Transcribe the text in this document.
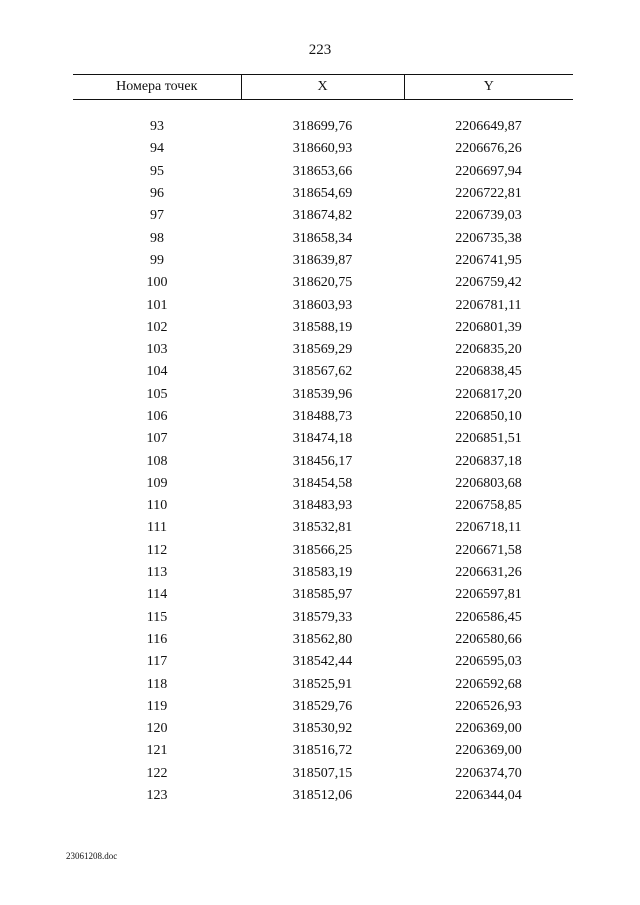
223
Номера точек	X	Y

93	318699,76	2206649,87
94	318660,93	2206676,26
95	318653,66	2206697,94
96	318654,69	2206722,81
97	318674,82	2206739,03
98	318658,34	2206735,38
99	318639,87	2206741,95
100	318620,75	2206759,42
101	318603,93	2206781,11
102	318588,19	2206801,39
103	318569,29	2206835,20
104	318567,62	2206838,45
105	318539,96	2206817,20
106	318488,73	2206850,10
107	318474,18	2206851,51
108	318456,17	2206837,18
109	318454,58	2206803,68
110	318483,93	2206758,85
111	318532,81	2206718,11
112	318566,25	2206671,58
113	318583,19	2206631,26
114	318585,97	2206597,81
115	318579,33	2206586,45
116	318562,80	2206580,66
117	318542,44	2206595,03
118	318525,91	2206592,68
119	318529,76	2206526,93
120	318530,92	2206369,00
121	318516,72	2206369,00
122	318507,15	2206374,70
123	318512,06	2206344,04
23061208.doc
